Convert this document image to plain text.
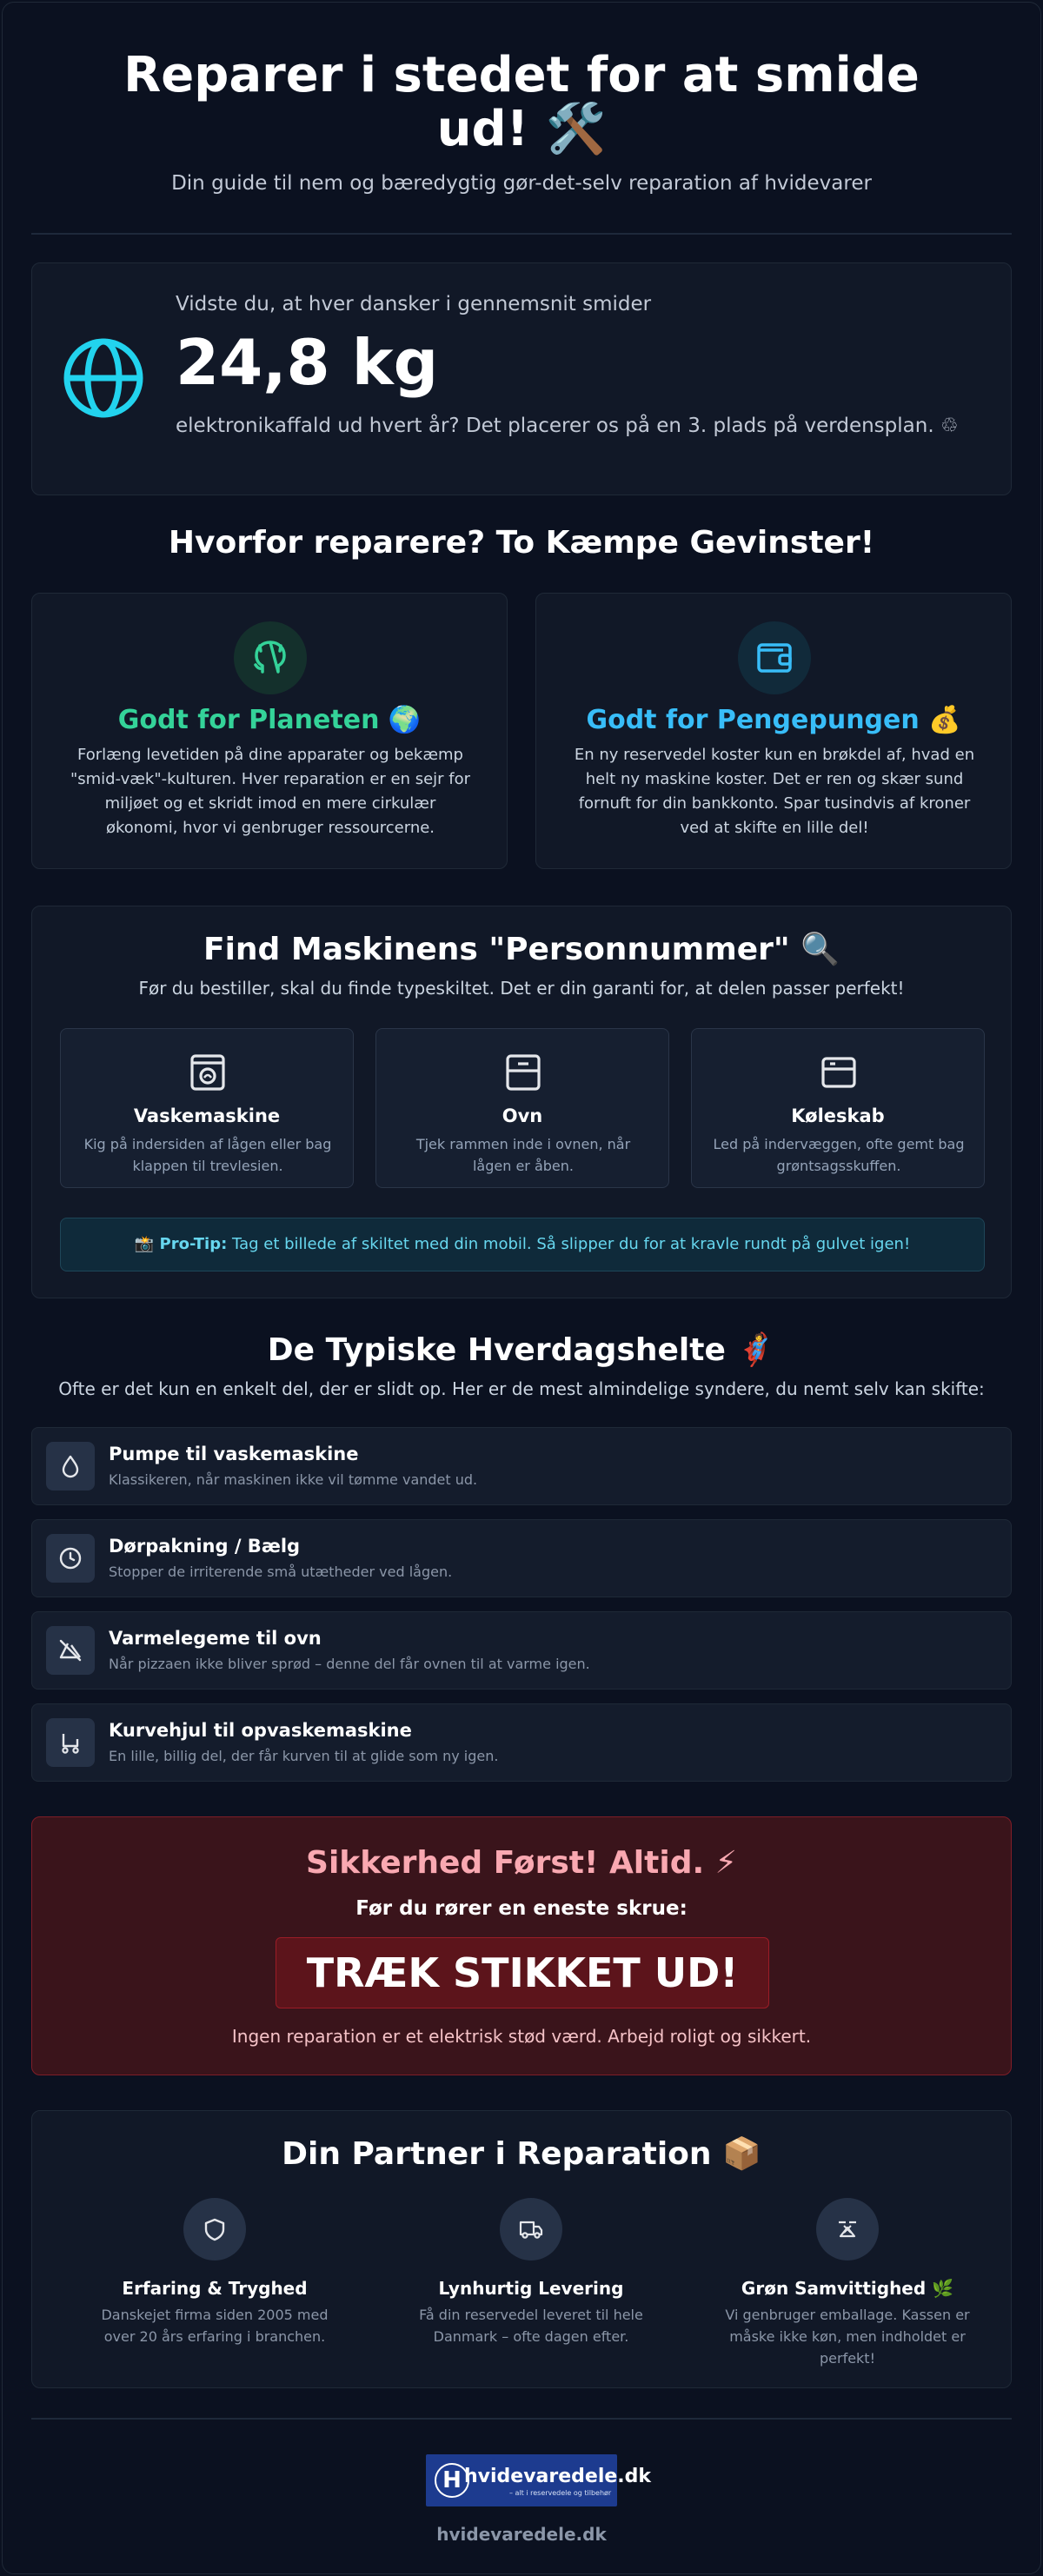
Reparer i stedet for at smide ud! 🛠️

Din guide til nem og bæredygtig gør-det-selv reparation af hvidevarer

Vidste du, at hver dansker i gennemsnit smider

24,8 kg

elektronikaffald ud hvert år? Det placerer os på en 3. plads på verdensplan. ♲

Hvorfor reparere? To Kæmpe Gevinster!
Godt for Planeten 🌍

Forlæng levetiden på dine apparater og bekæmp "smid-væk"-kulturen. Hver reparation er en sejr for miljøet og et skridt imod en mere cirkulær økonomi, hvor vi genbruger ressourcerne.

Godt for Pengepungen 💰

En ny reservedel koster kun en brøkdel af, hvad en helt ny maskine koster. Det er ren og skær sund fornuft for din bankkonto. Spar tusindvis af kroner ved at skifte en lille del!

Find Maskinens "Personnummer" 🔍

Før du bestiller, skal du finde typeskiltet. Det er din garanti for, at delen passer perfekt!

Vaskemaskine

Kig på indersiden af lågen eller bag klappen til trevlesien.

Ovn

Tjek rammen inde i ovnen, når lågen er åben.

Køleskab

Led på indervæggen, ofte gemt bag grøntsagsskuffen.

📸 Pro-Tip: Tag et billede af skiltet med din mobil. Så slipper du for at kravle rundt på gulvet igen!
De Typiske Hverdagshelte 🦸

Ofte er det kun en enkelt del, der er slidt op. Her er de mest almindelige syndere, du nemt selv kan skifte:

Pumpe til vaskemaskine

Klassikeren, når maskinen ikke vil tømme vandet ud.

Dørpakning / Bælg

Stopper de irriterende små utætheder ved lågen.

Varmelegeme til ovn

Når pizzaen ikke bliver sprød – denne del får ovnen til at varme igen.

Kurvehjul til opvaskemaskine

En lille, billig del, der får kurven til at glide som ny igen.

Sikkerhed Først! Altid. ⚡

Før du rører en eneste skrue:

TRÆK STIKKET UD!

Ingen reparation er et elektrisk stød værd. Arbejd roligt og sikkert.

Din Partner i Reparation 📦

Erfaring & Tryghed

Danskejet firma siden 2005 med over 20 års erfaring i branchen.

Lynhurtig Levering

Få din reservedel leveret til hele Danmark – ofte dagen efter.

Grøn Samvittighed 🌿

Vi genbruger emballage. Kassen er måske ikke køn, men indholdet er perfekt!

H hvidevaredele.dk
– alt i reservedele og tilbehør

hvidevaredele.dk
